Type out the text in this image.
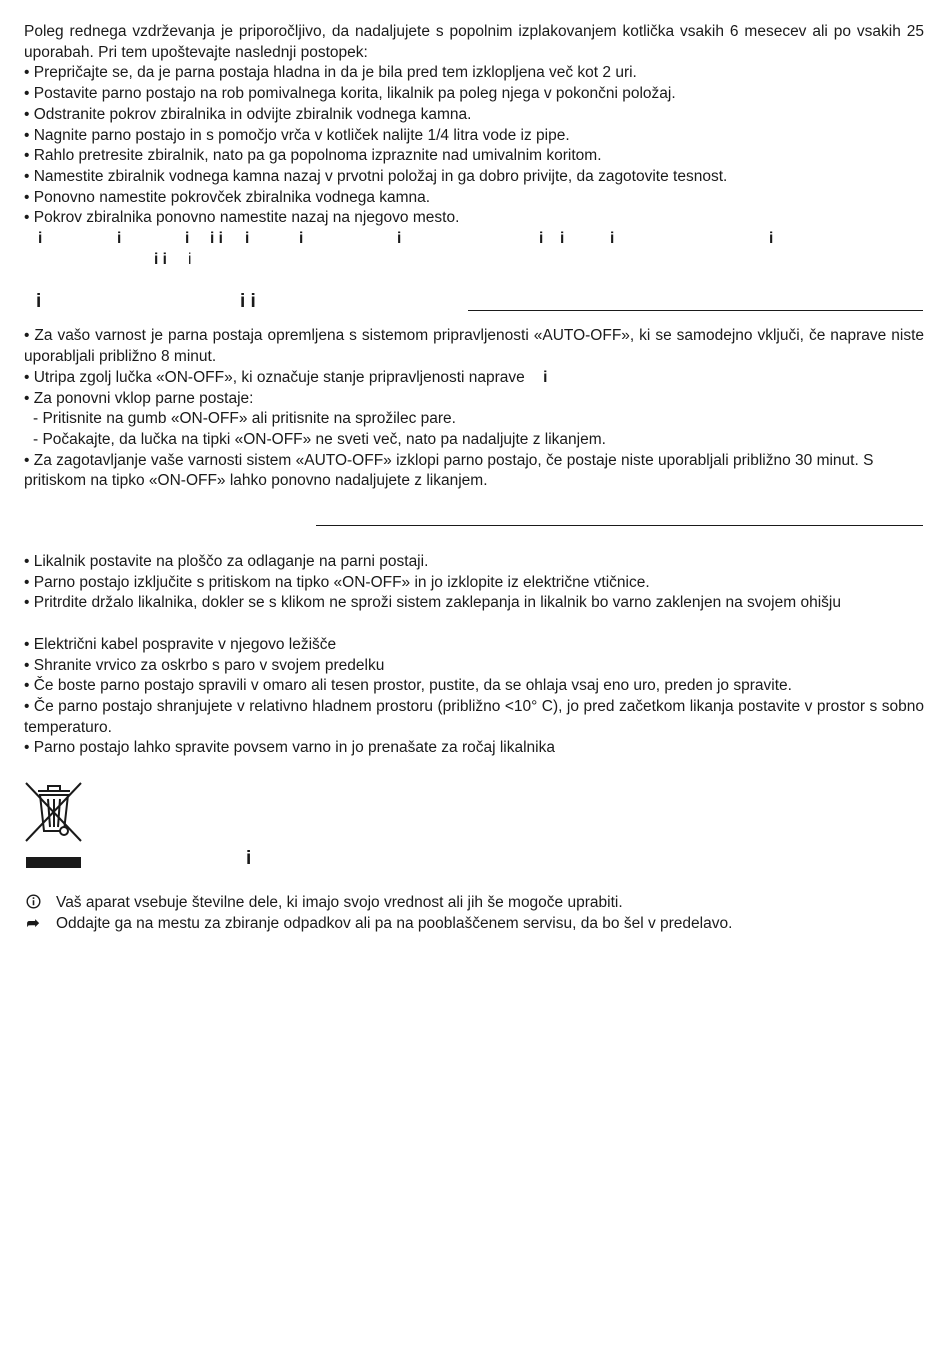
Poleg rednega vzdrževanja je priporočljivo, da nadaljujete s popolnim izplakovanjem kotlička vsakih 6 mesecev ali po vsakih 25 uporabah. Pri tem upoštevajte naslednji postopek:

• Prepričajte se, da je parna postaja hladna in da je bila pred tem izklopljena več kot 2 uri.

• Postavite parno postajo na rob pomivalnega korita, likalnik pa poleg njega v pokončni položaj.

• Odstranite pokrov zbiralnika in odvijte zbiralnik vodnega kamna.

• Nagnite parno postajo in s pomočjo vrča v kotliček nalijte 1/4 litra vode iz pipe.

• Rahlo pretresite zbiralnik, nato pa ga popolnoma izpraznite nad umivalnim koritom.

• Namestite zbiralnik vodnega kamna nazaj v prvotni položaj in ga dobro privijte, da zagotovite tesnost.

• Ponovno namestite pokrovček zbiralnika vodnega kamna.

• Pokrov zbiralnika ponovno namestite nazaj na njegovo mesto.

i	i	i i i i	i	i	i i	i	i
i i i
i	i i

• Za vašo varnost je parna postaja opremljena s sistemom pripravljenosti «AUTO-OFF», ki se samodejno vključi, če naprave niste uporabljali približno 8 minut.

• Utripa zgolj lučka «ON-OFF», ki označuje stanje pripravljenosti naprave i

• Za ponovni vklop parne postaje:

- Pritisnite na gumb «ON-OFF» ali pritisnite na sprožilec pare.

- Počakajte, da lučka na tipki «ON-OFF» ne sveti več, nato pa nadaljujte z likanjem.

• Za zagotavljanje vaše varnosti sistem «AUTO-OFF» izklopi parno postajo, če postaje niste uporabljali približno 30 minut. S pritiskom na tipko «ON-OFF» lahko ponovno nadaljujete z likanjem.

• Likalnik postavite na ploščo za odlaganje na parni postaji.

• Parno postajo izključite s pritiskom na tipko «ON-OFF» in jo izklopite iz električne vtičnice.

• Pritrdite držalo likalnika, dokler se s klikom ne sproži sistem zaklepanja in likalnik bo varno zaklenjen na svojem ohišju

• Električni kabel pospravite v njegovo ležišče

• Shranite vrvico za oskrbo s paro v svojem predelku

• Če boste parno postajo spravili v omaro ali tesen prostor, pustite, da se ohlaja vsaj eno uro, preden jo spravite.

• Če parno postajo shranjujete v relativno hladnem prostoru (približno <10° C), jo pred začetkom likanja postavite v prostor s sobno temperaturo.

• Parno postajo lahko spravite povsem varno in jo prenašate za ročaj likalnika

i
Vaš aparat vsebuje številne dele, ki imajo svojo vrednost ali jih še mogoče uprabiti.
➦ Oddajte ga na mestu za zbiranje odpadkov ali pa na pooblaščenem servisu, da bo šel v predelavo.
